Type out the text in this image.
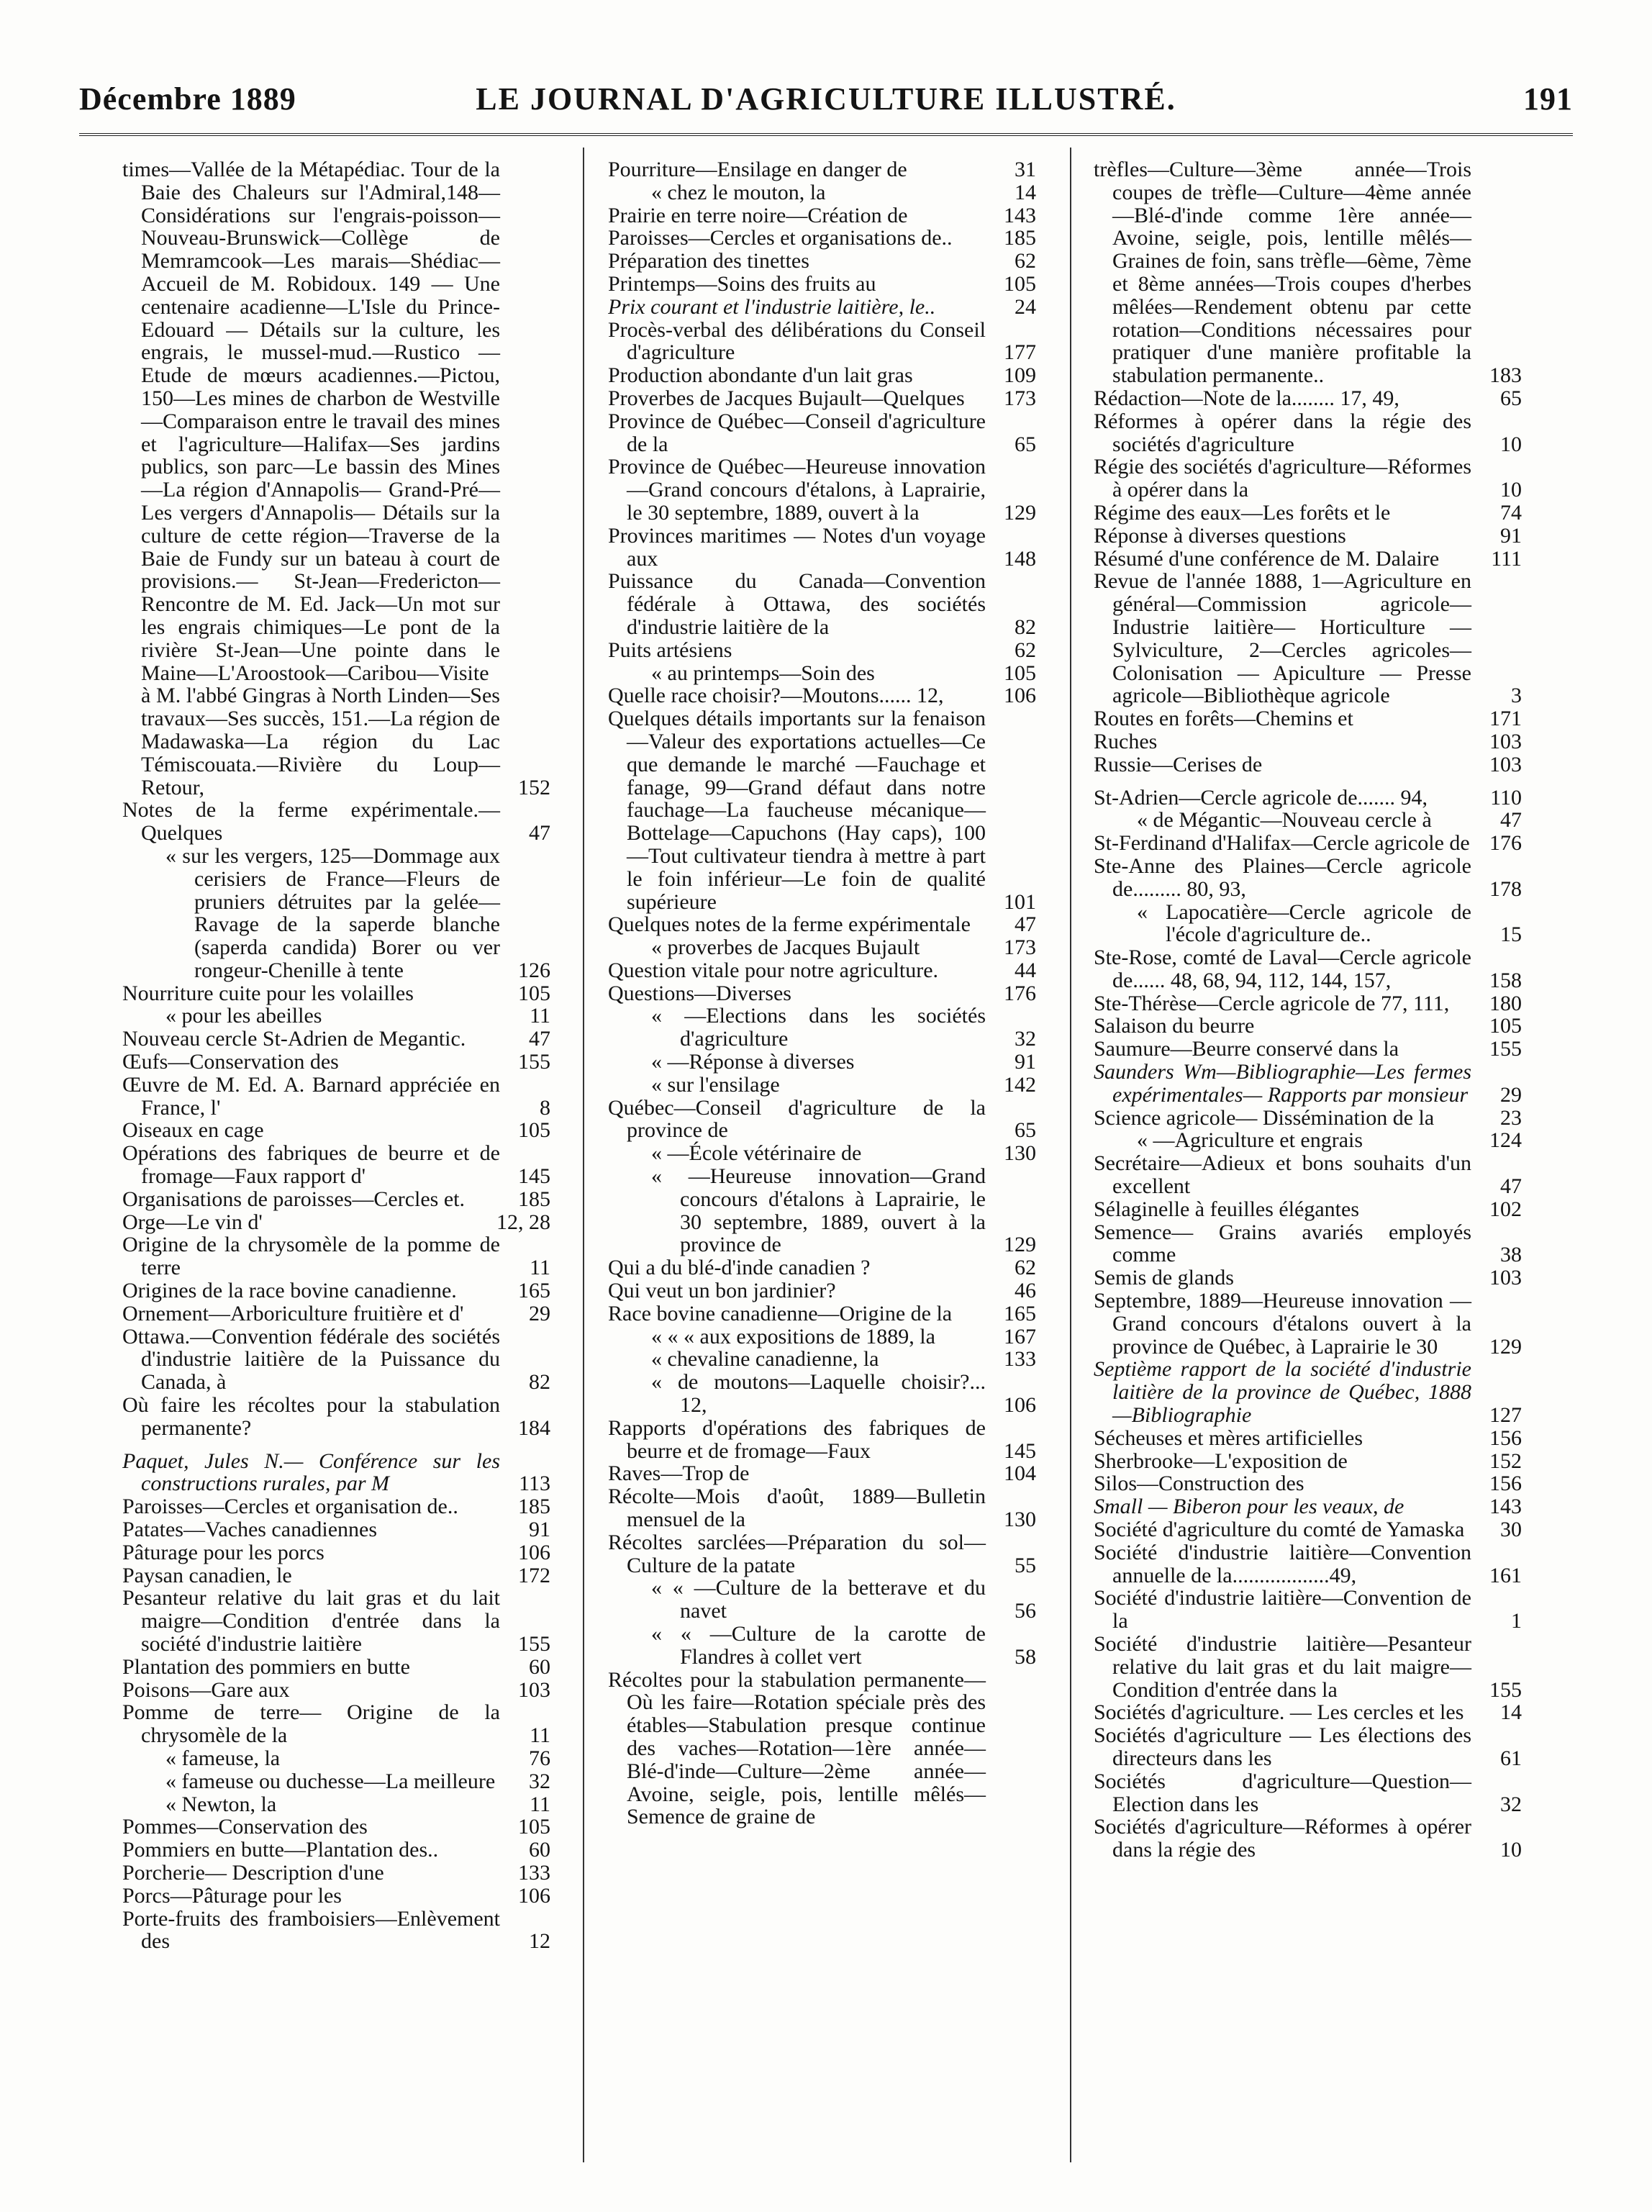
Décembre 1889	LE JOURNAL D'AGRICULTURE ILLUSTRÉ.	191
times—Vallée de la Métapédiac. Tour de la Baie des Chaleurs sur l'Admiral,148—Considérations sur l'engrais-poisson—Nouveau-Brunswick—Collège de Memramcook—Les marais—Shédiac—Accueil de M. Robidoux. 149 — Une centenaire acadienne—L'Isle du Prince-Edouard — Détails sur la culture, les engrais, le mussel-mud.—Rustico — Etude de mœurs acadiennes.—Pictou, 150—Les mines de charbon de Westville—Comparaison entre le travail des mines et l'agriculture—Halifax—Ses jardins publics, son parc—Le bassin des Mines —La région d'Annapolis— Grand-Pré—Les vergers d'Annapolis— Détails sur la culture de cette région—Traverse de la Baie de Fundy sur un bateau à court de provisions.— St-Jean—Fredericton—Rencontre de M. Ed. Jack—Un mot sur les engrais chimiques—Le pont de la rivière St-Jean—Une pointe dans le Maine—L'Aroostook—Caribou—Visite à M. l'abbé Gingras à North Linden—Ses travaux—Ses succès, 151.—La région de Madawaska—La région du Lac Témiscouata.—Rivière du Loup—Retour,	152
Notes de la ferme expérimentale.—Quelques	47
« sur les vergers, 125—Dommage aux cerisiers de France—Fleurs de pruniers détruites par la gelée—Ravage de la saperde blanche (saperda candida) Borer ou ver rongeur-Chenille à tente	126
Nourriture cuite pour les volailles	105
« pour les abeilles	11
Nouveau cercle St-Adrien de Megantic.	47
Œufs—Conservation des	155
Œuvre de M. Ed. A. Barnard appréciée en France, l'	8
Oiseaux en cage	105
Opérations des fabriques de beurre et de fromage—Faux rapport d'	145
Organisations de paroisses—Cercles et. 185
Orge—Le vin d'	12, 28
Origine de la chrysomèle de la pomme de terre	11
Origines de la race bovine canadienne.	165
Ornement—Arboriculture fruitière et d'	29
Ottawa.—Convention fédérale des sociétés d'industrie laitière de la Puissance du Canada, à	82
Où faire les récoltes pour la stabulation permanente?	184
Paquet, Jules N.— Conférence sur les constructions rurales, par M	113
Paroisses—Cercles et organisation de..	185
Patates—Vaches canadiennes	91
Pâturage pour les porcs	106
Paysan canadien, le	172
Pesanteur relative du lait gras et du lait maigre—Condition d'entrée dans la société d'industrie laitière	155
Plantation des pommiers en butte	60
Poisons—Gare aux	103
Pomme de terre— Origine de la chrysomèle de la	11
« fameuse, la	76
« fameuse ou duchesse—La meilleure 32
« Newton, la	11
Pommes—Conservation des	105
Pommiers en butte—Plantation des..	60
Porcherie— Description d'une	133
Porcs—Pâturage pour les	106
Porte-fruits des framboisiers—Enlèvement des	12
Pourriture—Ensilage en danger de	31
« chez le mouton, la	14
Prairie en terre noire—Création de	143
Paroisses—Cercles et organisations de.. 185
Préparation des tinettes	62
Printemps—Soins des fruits au	105
Prix courant et l'industrie laitière, le..	24
Procès-verbal des délibérations du Conseil d'agriculture	177
Production abondante d'un lait gras	109
Proverbes de Jacques Bujault—Quelques 173
Province de Québec—Conseil d'agriculture de la	65
Province de Québec—Heureuse innovation—Grand concours d'étalons, à Laprairie, le 30 septembre, 1889, ouvert à la	129
Provinces maritimes — Notes d'un voyage aux	148
Puissance du Canada—Convention fédérale à Ottawa, des sociétés d'industrie laitière de la	82
Puits artésiens	62
« au printemps—Soin des	105
Quelle race choisir?—Moutons...... 12,	106
Quelques détails importants sur la fenaison—Valeur des exportations actuelles—Ce que demande le marché —Fauchage et fanage, 99—Grand défaut dans notre fauchage—La faucheuse mécanique—Bottelage—Capuchons (Hay caps), 100—Tout cultivateur tiendra à mettre à part le foin inférieur—Le foin de qualité supérieure	101
Quelques notes de la ferme expérimentale 47
« proverbes de Jacques Bujault	173
Question vitale pour notre agriculture.	44
Questions—Diverses	176
« —Elections dans les sociétés d'agriculture	32
« —Réponse à diverses	91
« sur l'ensilage	142
Québec—Conseil d'agriculture de la province de	65
« —École vétérinaire de	130
« —Heureuse innovation—Grand concours d'étalons à Laprairie, le 30 septembre, 1889, ouvert à la province de	129
Qui a du blé-d'inde canadien ?	62
Qui veut un bon jardinier?	46
Race bovine canadienne—Origine de la 165
« « « aux expositions de 1889, la	167
« chevaline canadienne, la	133
« de moutons—Laquelle choisir?... 12,	106
Rapports d'opérations des fabriques de beurre et de fromage—Faux	145
Raves—Trop de	104
Récolte—Mois d'août, 1889—Bulletin mensuel de la	130
Récoltes sarclées—Préparation du sol—Culture de la patate	55
« « —Culture de la betterave et du navet	56
« « —Culture de la carotte de Flandres à collet vert	58
Récoltes pour la stabulation permanente—Où les faire—Rotation spéciale près des étables—Stabulation presque continue des vaches—Rotation—1ère année—Blé-d'inde—Culture—2ème année—Avoine, seigle, pois, lentille mêlés—Semence de graine de
trèfles—Culture—3ème année—Trois coupes de trèfle—Culture—4ème année—Blé-d'inde comme 1ère année—Avoine, seigle, pois, lentille mêlés—Graines de foin, sans trèfle—6ème, 7ème et 8ème années—Trois coupes d'herbes mêlées—Rendement obtenu par cette rotation—Conditions nécessaires pour pratiquer d'une manière profitable la stabulation permanente..	183
Rédaction—Note de la........ 17, 49,	65
Réformes à opérer dans la régie des sociétés d'agriculture	10
Régie des sociétés d'agriculture—Réformes à opérer dans la	10
Régime des eaux—Les forêts et le	74
Réponse à diverses questions	91
Résumé d'une conférence de M. Dalaire 111
Revue de l'année 1888, 1—Agriculture en général—Commission agricole—Industrie laitière— Horticulture — Sylviculture, 2—Cercles agricoles—Colonisation — Apiculture — Presse agricole—Bibliothèque agricole	3
Routes en forêts—Chemins et	171
Ruches	103
Russie—Cerises de	103
St-Adrien—Cercle agricole de....... 94,	110
« de Mégantic—Nouveau cercle à	47
St-Ferdinand d'Halifax—Cercle agricole de 176
Ste-Anne des Plaines—Cercle agricole de......... 80, 93,	178
« Lapocatière—Cercle agricole de l'école d'agriculture de..	15
Ste-Rose, comté de Laval—Cercle agricole de...... 48, 68, 94, 112, 144, 157,	158
Ste-Thérèse—Cercle agricole de 77, 111, 180
Salaison du beurre	105
Saumure—Beurre conservé dans la	155
Saunders Wm—Bibliographie—Les fermes expérimentales— Rapports par monsieur 29
Science agricole— Dissémination de la	23
« —Agriculture et engrais	124
Secrétaire—Adieux et bons souhaits d'un excellent	47
Sélaginelle à feuilles élégantes	102
Semence— Grains avariés employés comme	38
Semis de glands	103
Septembre, 1889—Heureuse innovation —Grand concours d'étalons ouvert à la province de Québec, à Laprairie le 30 129
Septième rapport de la société d'industrie laitière de la province de Québec, 1888—Bibliographie	127
Sécheuses et mères artificielles	156
Sherbrooke—L'exposition de	152
Silos—Construction des	156
Small — Biberon pour les veaux, de	143
Société d'agriculture du comté de Yamaska 30
Société d'industrie laitière—Convention annuelle de la..................49,	161
Société d'industrie laitière—Convention de la	1
Société d'industrie laitière—Pesanteur relative du lait gras et du lait maigre—Condition d'entrée dans la	155
Sociétés d'agriculture. — Les cercles et les 14
Sociétés d'agriculture — Les élections des directeurs dans les	61
Sociétés d'agriculture—Question—Election dans les	32
Sociétés d'agriculture—Réformes à opérer dans la régie des	10
